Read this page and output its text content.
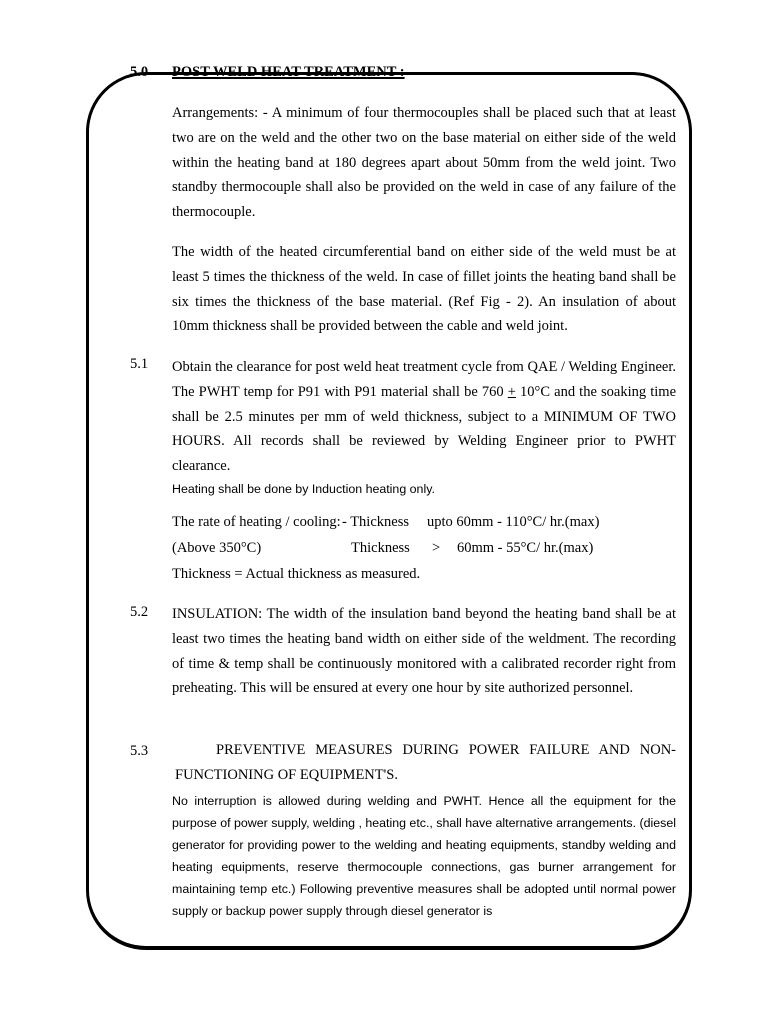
5.0 POST WELD HEAT TREATMENT :
Arrangements: - A minimum of four thermocouples shall be placed such that at least two are on the weld and the other two on the base material on either side of the weld within the heating band at 180 degrees apart about 50mm from the weld joint. Two standby thermocouple shall also be provided on the weld in case of any failure of the thermocouple.
The width of the heated circumferential band on either side of the weld must be at least 5 times the thickness of the weld. In case of fillet joints the heating band shall be six times the thickness of the base material. (Ref Fig - 2). An insulation of about 10mm thickness shall be provided between the cable and weld joint.
5.1 Obtain the clearance for post weld heat treatment cycle from QAE / Welding Engineer. The PWHT temp for P91 with P91 material shall be 760 + 10°C and the soaking time shall be 2.5 minutes per mm of weld thickness, subject to a MINIMUM OF TWO HOURS. All records shall be reviewed by Welding Engineer prior to PWHT clearance.
Heating shall be done by Induction heating only.
The rate of heating / cooling: - Thickness upto 60mm - 110°C/ hr.(max)
(Above 350°C)	Thickness > 60mm - 55°C/ hr.(max)
Thickness = Actual thickness as measured.
5.2 INSULATION: The width of the insulation band beyond the heating band shall be at least two times the heating band width on either side of the weldment. The recording of time & temp shall be continuously monitored with a calibrated recorder right from preheating. This will be ensured at every one hour by site authorized personnel.
5.3	PREVENTIVE MEASURES DURING POWER FAILURE AND NON-
FUNCTIONING OF EQUIPMENT'S.
No interruption is allowed during welding and PWHT. Hence all the equipment for the purpose of power supply, welding , heating etc., shall have alternative arrangements. (diesel generator for providing power to the welding and heating equipments, standby welding and heating equipments, reserve thermocouple connections, gas burner arrangement for maintaining temp etc.) Following preventive measures shall be adopted until normal power supply or backup power supply through diesel generator is
